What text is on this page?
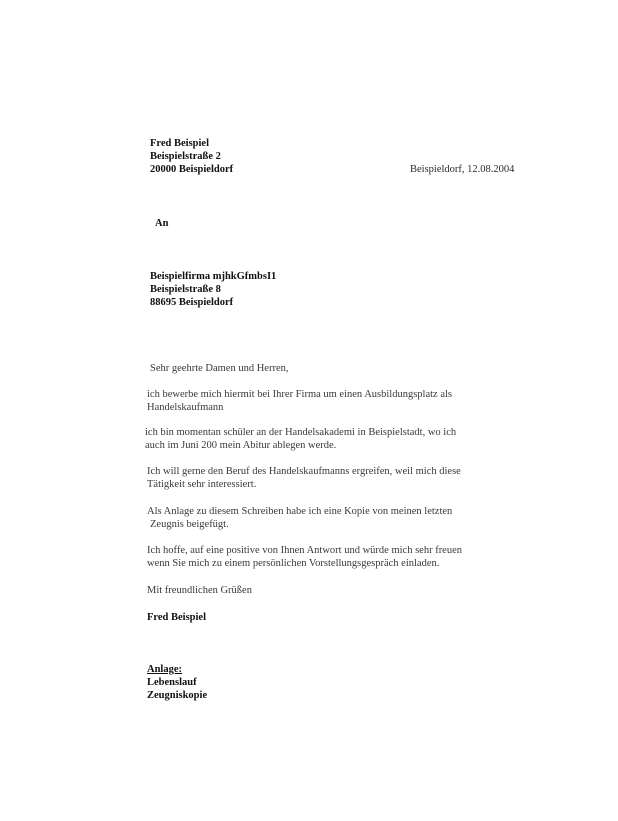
Fred Beispiel
Beispielstraße 2
20000 Beispieldorf	Beispieldorf, 12.08.2004
An
Beispielfirma mjhkGfmbsI1
Beispielstraße 8
88695 Beispieldorf
Sehr geehrte Damen und Herren,
ich bewerbe mich hiermit bei Ihrer Firma um einen Ausbildungsplatz als
Handelskaufmann
ich bin momentan schüler an der Handelsakademi in Beispielstadt, wo ich
auch im Juni 200 mein Abitur ablegen werde.
Ich will gerne den Beruf des Handelskaufmanns ergreifen, weil mich diese
Tätigkeit sehr interessiert.
Als Anlage zu diesem Schreiben habe ich eine Kopie von meinen letzten
Zeugnis beigefügt.
Ich hoffe, auf eine positive von Ihnen Antwort und würde mich sehr freuen
wenn Sie mich zu einem persönlichen Vorstellungsgespräch einladen.
Mit freundlichen Grüßen
Fred Beispiel
Anlage:
Lebenslauf
Zeugniskopie
